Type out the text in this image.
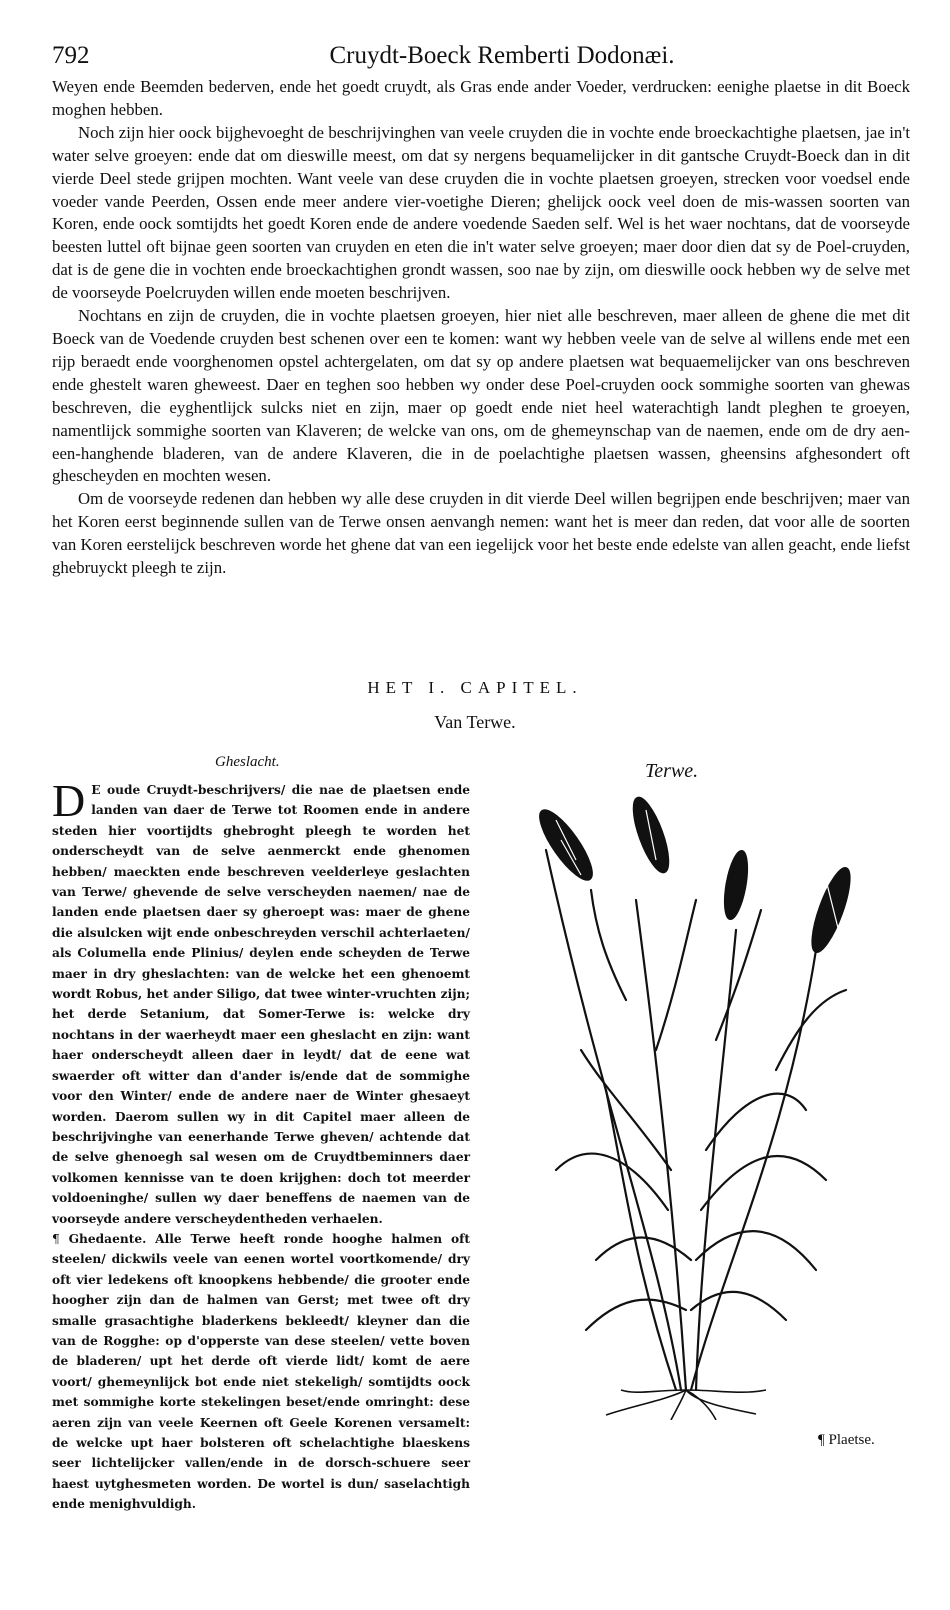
792	Cruydt-Boeck Remberti Dodonæi.

Weyen ende Beemden bederven, ende het goedt cruydt, als Gras ende ander Voeder, verdrucken: eenighe plaetse in dit Boeck moghen hebben.

Noch zijn hier oock bijghevoeght de beschrijvinghen van veele cruyden die in vochte ende broeckachtighe plaetsen, jae in't water selve groeyen: ende dat om dieswille meest, om dat sy nergens bequamelijcker in dit gantsche Cruydt-Boeck dan in dit vierde Deel stede grijpen mochten. Want veele van dese cruyden die in vochte plaetsen groeyen, strecken voor voedsel ende voeder vande Peerden, Ossen ende meer andere vier-voetighe Dieren; ghelijck oock veel doen de mis-wassen soorten van Koren, ende oock somtijdts het goedt Koren ende de andere voedende Saeden self. Wel is het waer nochtans, dat de voorseyde beesten luttel oft bijnae geen soorten van cruyden en eten die in't water selve groeyen; maer door dien dat sy de Poel-cruyden, dat is de gene die in vochten ende broeckachtighen grondt wassen, soo nae by zijn, om dieswille oock hebben wy de selve met de voorseyde Poelcruyden willen ende moeten beschrijven.

Nochtans en zijn de cruyden, die in vochte plaetsen groeyen, hier niet alle beschreven, maer alleen de ghene die met dit Boeck van de Voedende cruyden best schenen over een te komen: want wy hebben veele van de selve al willens ende met een rijp beraedt ende voorghenomen opstel achtergelaten, om dat sy op andere plaetsen wat bequaemelijcker van ons beschreven ende ghestelt waren gheweest. Daer en teghen soo hebben wy onder dese Poel-cruyden oock sommighe soorten van ghewas beschreven, die eyghentlijck sulcks niet en zijn, maer op goedt ende niet heel waterachtigh landt pleghen te groeyen, namentlijck sommighe soorten van Klaveren; de welcke van ons, om de ghemeynschap van de naemen, ende om de dry aen-een-hanghende bladeren, van de andere Klaveren, die in de poelachtighe plaetsen wassen, gheensins afghesondert oft ghescheyden en mochten wesen.

Om de voorseyde redenen dan hebben wy alle dese cruyden in dit vierde Deel willen begrijpen ende beschrijven; maer van het Koren eerst beginnende sullen van de Terwe onsen aenvangh nemen: want het is meer dan reden, dat voor alle de soorten van Koren eerstelijck beschreven worde het ghene dat van een iegelijck voor het beste ende edelste van allen geacht, ende liefst ghebruyckt pleegh te zijn.

HET I. CAPITEL.
Van Terwe.
Gheslacht.

D E oude Cruydt-beschrijvers/ die nae de plaetsen ende landen van daer de Terwe tot Roomen ende in andere steden hier voortijdts ghebroght pleegh te worden het onderscheydt van de selve aenmerckt ende ghenomen hebben/ maeckten ende beschreven veelderleye geslachten van Terwe/ ghevende de selve verscheyden naemen/ nae de landen ende plaetsen daer sy gheroept was: maer de ghene die alsulcken wijt ende onbeschreyden verschil achterlaeten/ als Columella ende Plinius/ deylen ende scheyden de Terwe maer in dry gheslachten: van de welcke het een ghenoemt wordt Robus, het ander Siligo, dat twee winter-vruchten zijn; het derde Setanium, dat Somer-Terwe is: welcke dry nochtans in der waerheydt maer een gheslacht en zijn: want haer onderscheydt alleen daer in leydt/ dat de eene wat swaerder oft witter dan d'ander is/ende dat de sommighe voor den Winter/ ende de andere naer de Winter ghesaeyt worden. Daerom sullen wy in dit Capitel maer alleen de beschrijvinghe van eenerhande Terwe gheven/ achtende dat de selve ghenoegh sal wesen om de Cruydtbeminners daer volkomen kennisse van te doen krijghen: doch tot meerder voldoeninghe/ sullen wy daer beneffens de naemen van de voorseyde andere verscheydentheden verhaelen.

¶ Ghedaente. Alle Terwe heeft ronde hooghe halmen oft steelen/ dickwils veele van eenen wortel voortkomende/ dry oft vier ledekens oft knoopkens hebbende/ die grooter ende hoogher zijn dan de halmen van Gerst; met twee oft dry smalle grasachtighe bladerkens bekleedt/ kleyner dan die van de Rogghe: op d'opperste van dese steelen/ vette boven de bladeren/ upt het derde oft vierde lidt/ komt de aere voort/ ghemeynlijck bot ende niet stekeligh/ somtijdts oock met sommighe korte stekelingen beset/ende omringht: dese aeren zijn van veele Keernen oft Geele Korenen versamelt: de welcke upt haer bolsteren oft schelachtighe blaeskens seer lichtelijcker vallen/ende in de dorsch-schuere seer haest uytghesmeten worden. De wortel is dun/ saselachtigh ende menighvuldigh.

Terwe.
¶ Plaetse.
